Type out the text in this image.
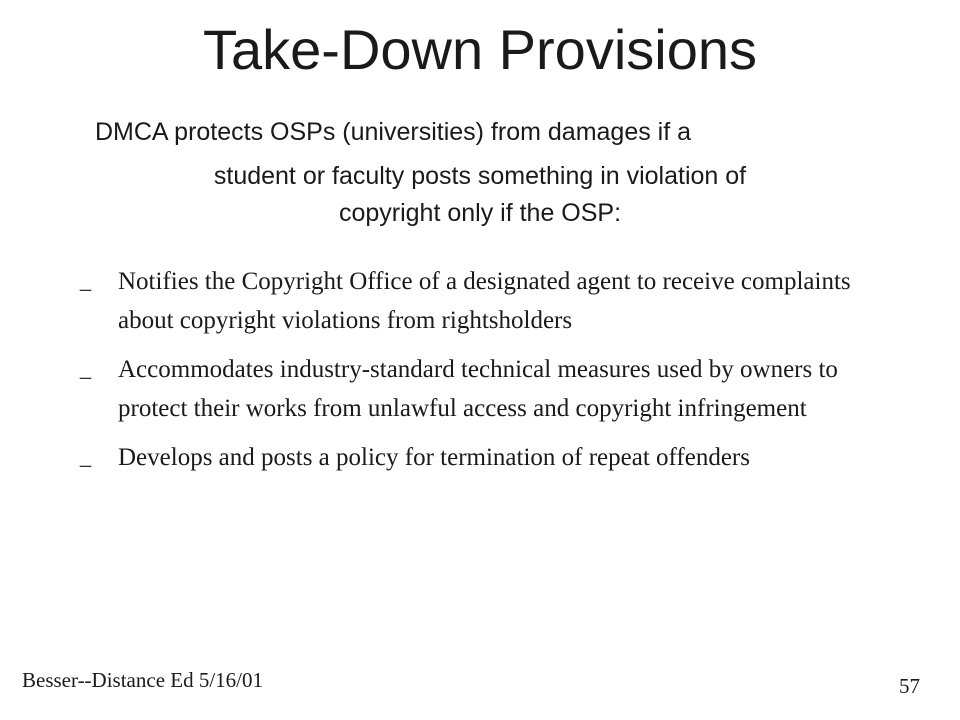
Take-Down Provisions
DMCA protects OSPs (universities) from damages if a
student or faculty posts something in violation of
copyright only if the OSP:
_ Notifies the Copyright Office of a designated agent to receive complaints about copyright violations from rightsholders
_ Accommodates industry-standard technical measures used by owners to protect their works from unlawful access and copyright infringement
_ Develops and posts a policy for termination of repeat offenders
Besser--Distance Ed 5/16/01	57
